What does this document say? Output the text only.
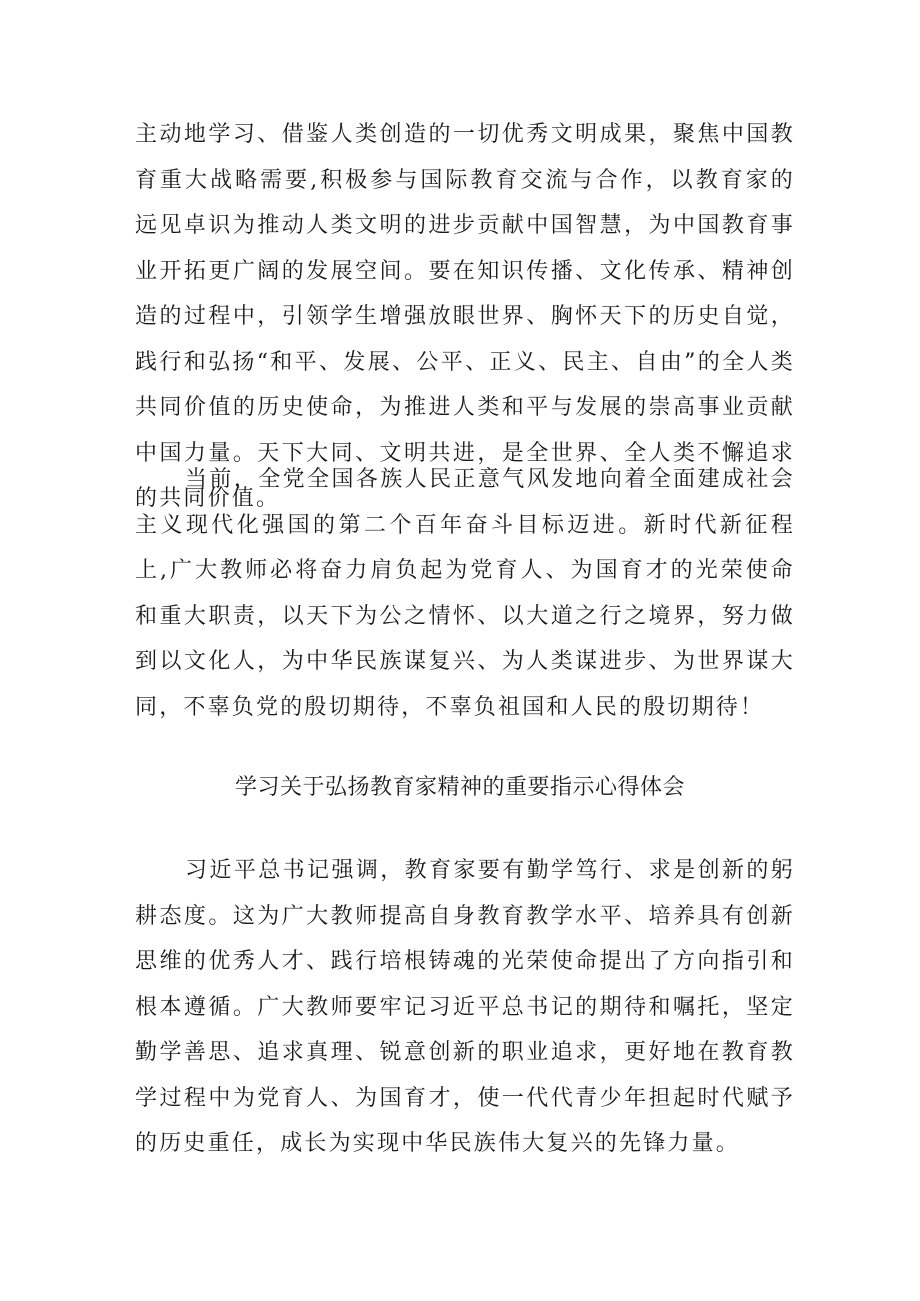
主动地学习、借鉴人类创造的一切优秀文明成果，聚焦中国教育重大战略需要,积极参与国际教育交流与合作，以教育家的远见卓识为推动人类文明的进步贡献中国智慧，为中国教育事业开拓更广阔的发展空间。要在知识传播、文化传承、精神创造的过程中，引领学生增强放眼世界、胸怀天下的历史自觉，践行和弘扬“和平、发展、公平、正义、民主、自由”的全人类共同价值的历史使命，为推进人类和平与发展的崇高事业贡献中国力量。天下大同、文明共进，是全世界、全人类不懈追求的共同价值。

当前，全党全国各族人民正意气风发地向着全面建成社会主义现代化强国的第二个百年奋斗目标迈进。新时代新征程上,广大教师必将奋力肩负起为党育人、为国育才的光荣使命和重大职责，以天下为公之情怀、以大道之行之境界，努力做到以文化人，为中华民族谋复兴、为人类谋进步、为世界谋大同，不辜负党的殷切期待，不辜负祖国和人民的殷切期待！

学习关于弘扬教育家精神的重要指示心得体会

习近平总书记强调，教育家要有勤学笃行、求是创新的躬耕态度。这为广大教师提高自身教育教学水平、培养具有创新思维的优秀人才、践行培根铸魂的光荣使命提出了方向指引和根本遵循。广大教师要牢记习近平总书记的期待和嘱托，坚定勤学善思、追求真理、锐意创新的职业追求，更好地在教育教学过程中为党育人、为国育才，使一代代青少年担起时代赋予的历史重任，成长为实现中华民族伟大复兴的先锋力量。
